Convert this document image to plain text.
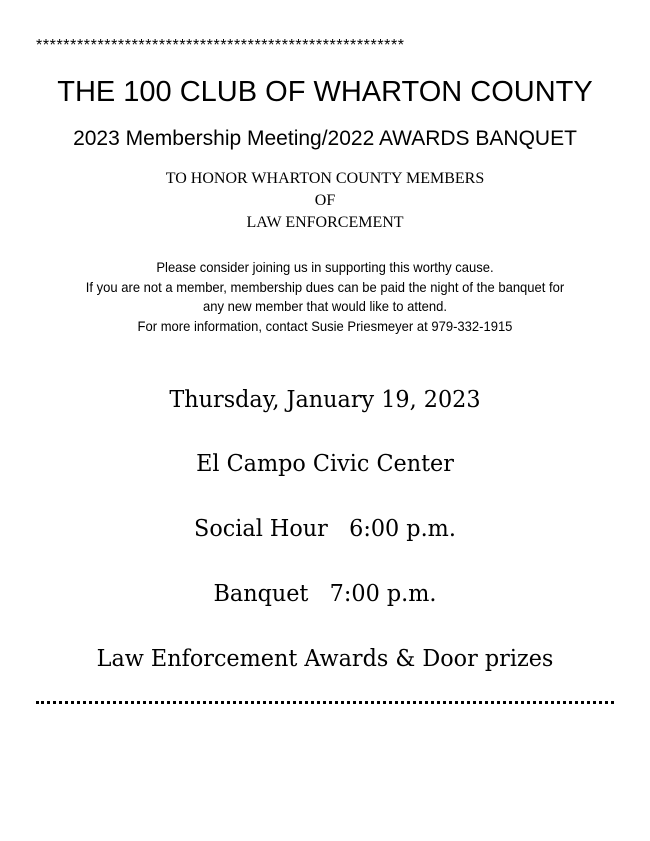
******************************************************
THE 100 CLUB OF WHARTON COUNTY
2023 Membership Meeting/2022 AWARDS BANQUET
TO HONOR WHARTON COUNTY MEMBERS
OF
LAW ENFORCEMENT
Please consider joining us in supporting this worthy cause.
If you are not a member, membership dues can be paid the night of the banquet for
any new member that would like to attend.
For more information, contact Susie Priesmeyer at 979-332-1915
Thursday, January 19, 2023
El Campo Civic Center
Social Hour   6:00 p.m.
Banquet   7:00 p.m.
Law Enforcement Awards & Door prizes
